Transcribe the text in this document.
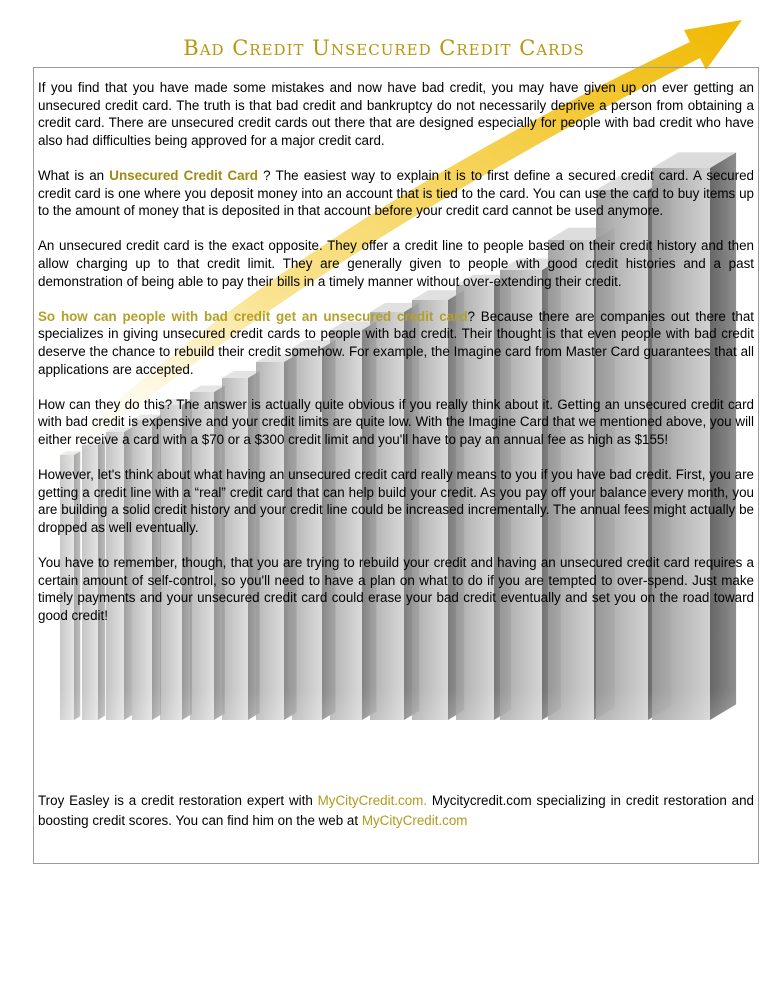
Bad Credit Unsecured Credit Cards

If you find that you have made some mistakes and now have bad credit, you may have given up on ever getting an unsecured credit card. The truth is that bad credit and bankruptcy do not necessarily deprive a person from obtaining a credit card. There are unsecured credit cards out there that are designed especially for people with bad credit who have also had difficulties being approved for a major credit card.

What is an Unsecured Credit Card ? The easiest way to explain it is to first define a secured credit card. A secured credit card is one where you deposit money into an account that is tied to the card. You can use the card to buy items up to the amount of money that is deposited in that account before your credit card cannot be used anymore.

An unsecured credit card is the exact opposite. They offer a credit line to people based on their credit history and then allow charging up to that credit limit. They are generally given to people with good credit histories and a past demonstration of being able to pay their bills in a timely manner without over-extending their credit.

So how can people with bad credit get an unsecured credit card? Because there are companies out there that specializes in giving unsecured credit cards to people with bad credit. Their thought is that even people with bad credit deserve the chance to rebuild their credit somehow. For example, the Imagine card from Master Card guarantees that all applications are accepted.

How can they do this? The answer is actually quite obvious if you really think about it. Getting an unsecured credit card with bad credit is expensive and your credit limits are quite low. With the Imagine Card that we mentioned above, you will either receive a card with a $70 or a $300 credit limit and you'll have to pay an annual fee as high as $155!

However, let's think about what having an unsecured credit card really means to you if you have bad credit. First, you are getting a credit line with a “real” credit card that can help build your credit. As you pay off your balance every month, you are building a solid credit history and your credit line could be increased incrementally. The annual fees might actually be dropped as well eventually.

You have to remember, though, that you are trying to rebuild your credit and having an unsecured credit card requires a certain amount of self-control, so you'll need to have a plan on what to do if you are tempted to over-spend. Just make timely payments and your unsecured credit card could erase your bad credit eventually and set you on the road toward good credit!

Troy Easley is a credit restoration expert with MyCityCredit.com. Mycitycredit.com specializing in credit restoration and boosting credit scores. You can find him on the web at MyCityCredit.com
